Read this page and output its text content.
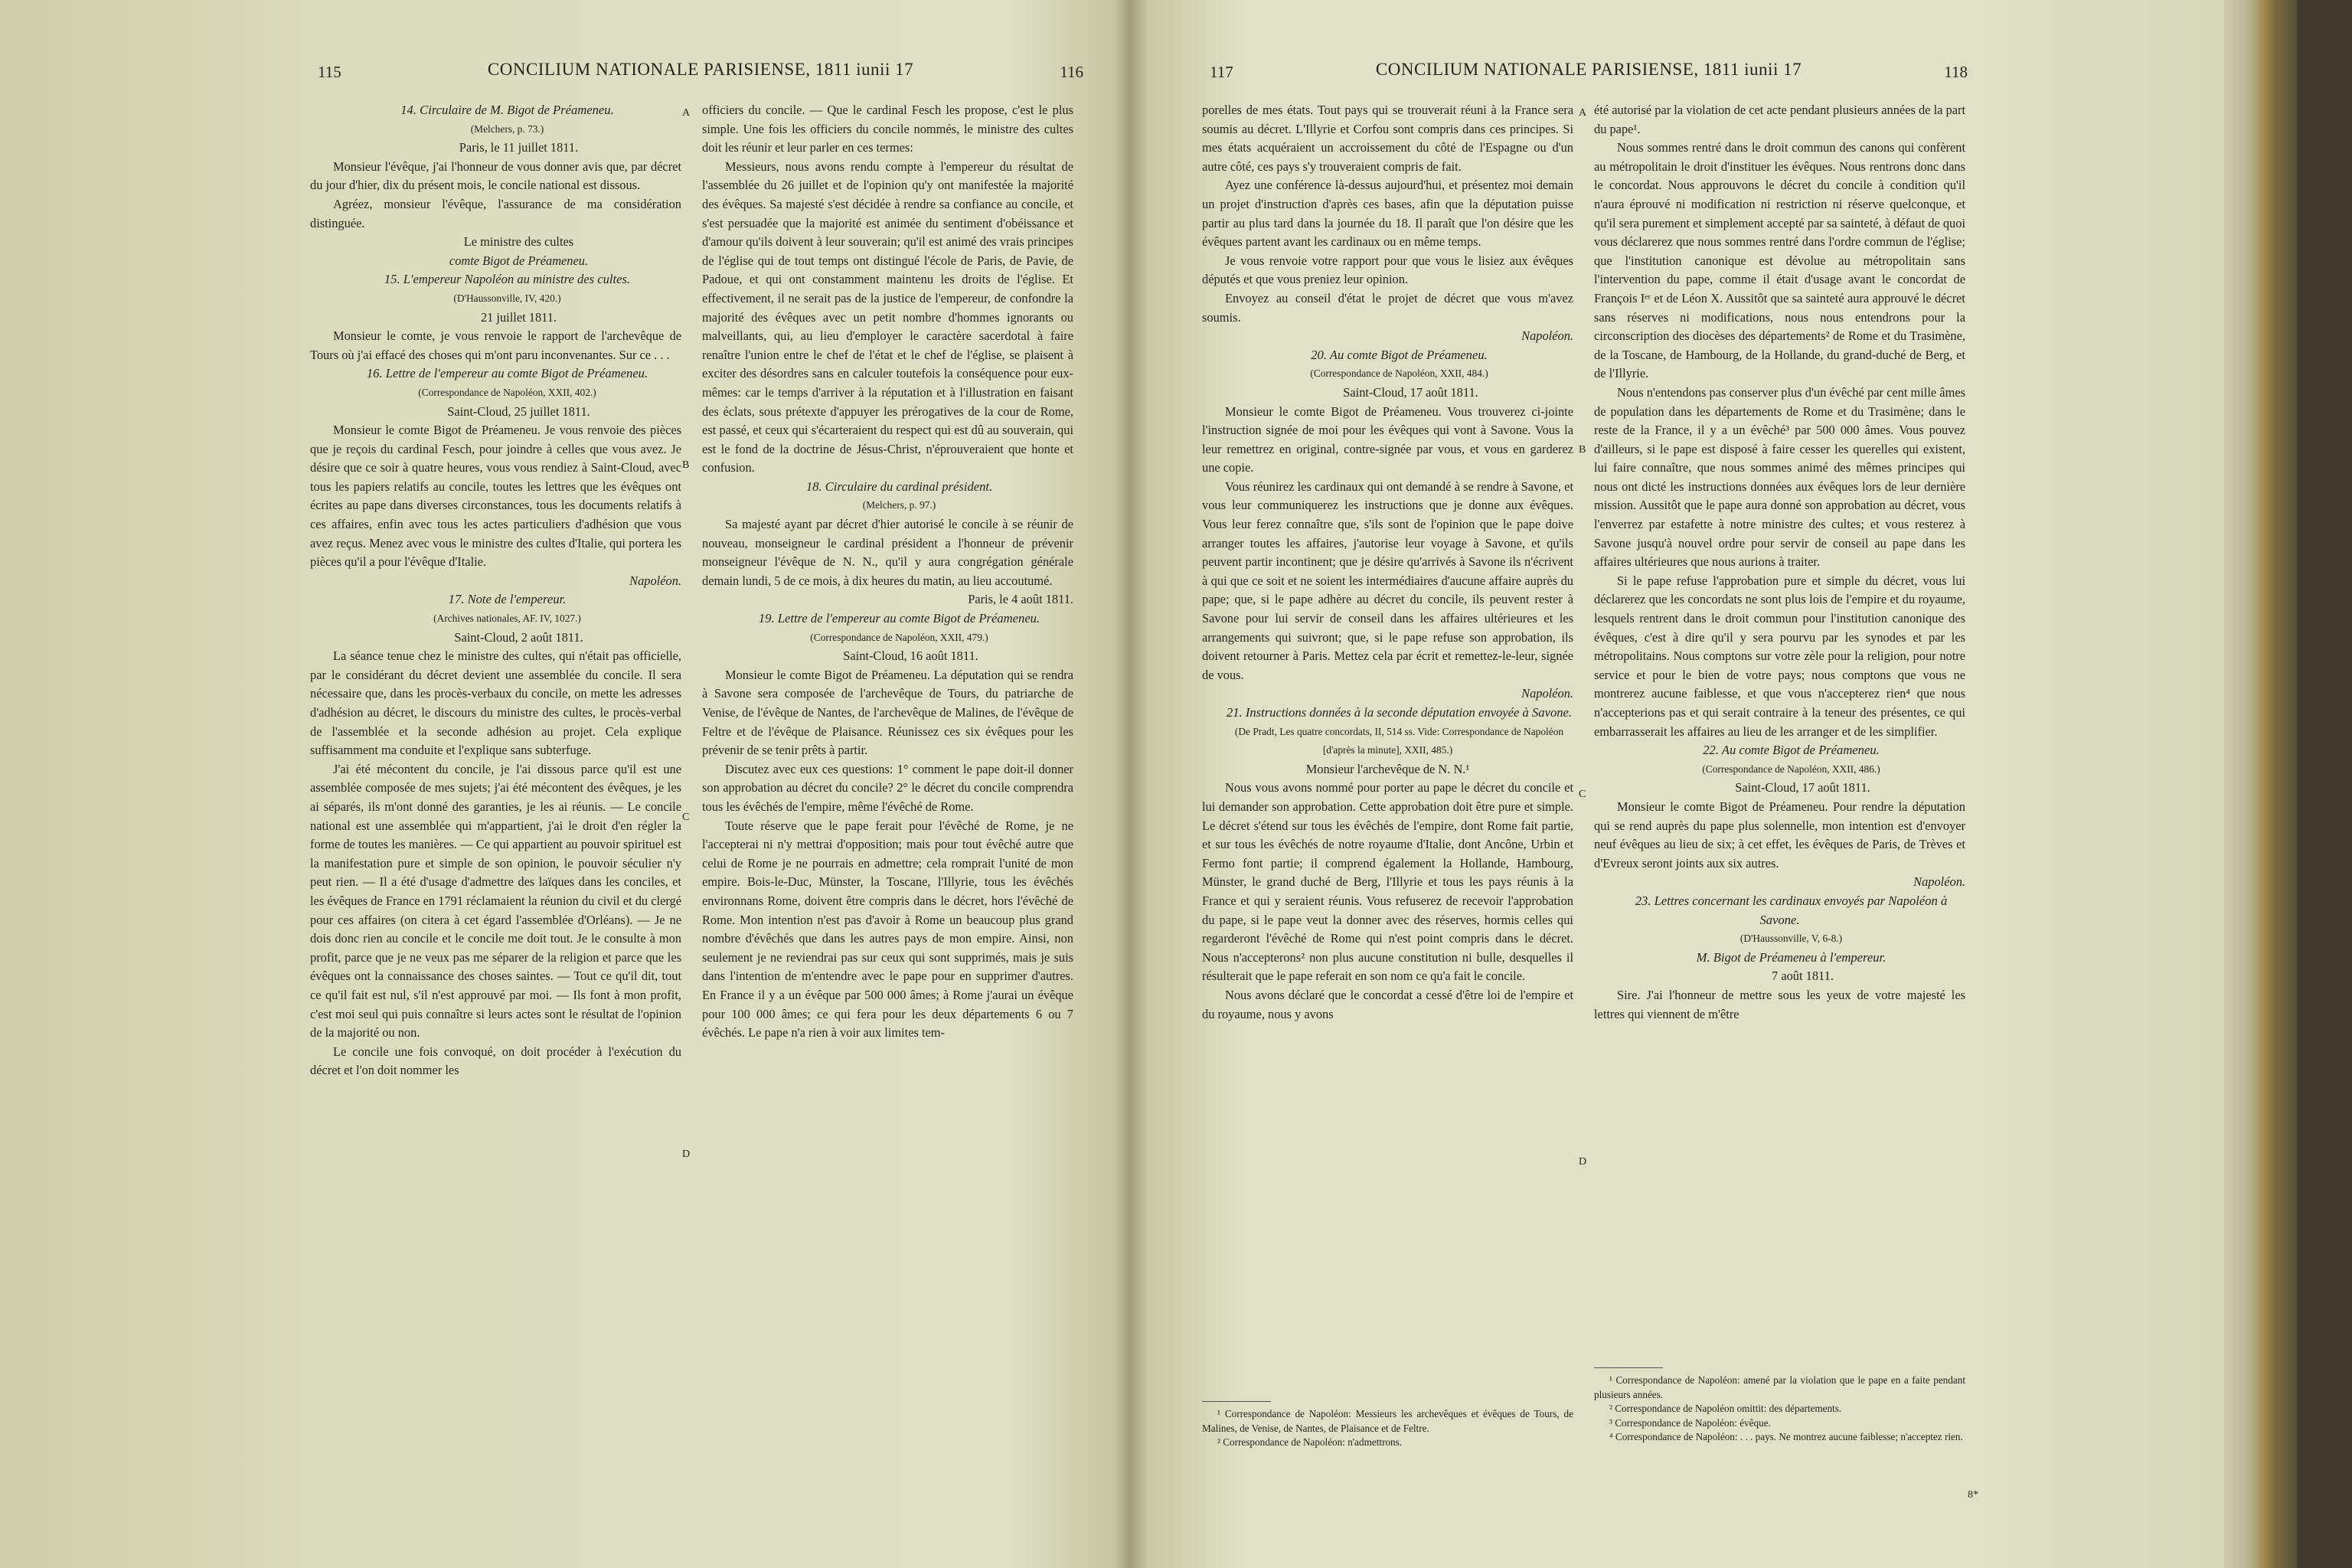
115	CONCILIUM NATIONALE PARISIENSE, 1811 iunii 17	116

14. Circulaire de M. Bigot de Préameneu.

(Melchers, p. 73.)

Paris, le 11 juillet 1811.

Monsieur l'évêque, j'ai l'honneur de vous donner avis que, par décret du jour d'hier, dix du présent mois, le concile national est dissous.

Agréez, monsieur l'évêque, l'assurance de ma considération distinguée.

Le ministre des cultes

comte Bigot de Préameneu.

15. L'empereur Napoléon au ministre des cultes.

(D'Haussonville, IV, 420.)

21 juillet 1811.

Monsieur le comte, je vous renvoie le rapport de l'archevêque de Tours où j'ai effacé des choses qui m'ont paru inconvenantes. Sur ce . . .

16. Lettre de l'empereur au comte Bigot de Préameneu.

(Correspondance de Napoléon, XXII, 402.)

Saint-Cloud, 25 juillet 1811.

Monsieur le comte Bigot de Préameneu. Je vous renvoie des pièces que je reçois du cardinal Fesch, pour joindre à celles que vous avez. Je désire que ce soir à quatre heures, vous vous rendiez à Saint-Cloud, avec tous les papiers relatifs au concile, toutes les lettres que les évêques ont écrites au pape dans diverses circonstances, tous les documents relatifs à ces affaires, enfin avec tous les actes particuliers d'adhésion que vous avez reçus. Menez avec vous le ministre des cultes d'Italie, qui portera les pièces qu'il a pour l'évêque d'Italie.

Napoléon.

17. Note de l'empereur.

(Archives nationales, AF. IV, 1027.)

Saint-Cloud, 2 août 1811.

La séance tenue chez le ministre des cultes, qui n'était pas officielle, par le considérant du décret devient une assemblée du concile. Il sera nécessaire que, dans les procès-verbaux du concile, on mette les adresses d'adhésion au décret, le discours du ministre des cultes, le procès-verbal de l'assemblée et la seconde adhésion au projet. Cela explique suffisamment ma conduite et l'explique sans subterfuge.

J'ai été mécontent du concile, je l'ai dissous parce qu'il est une assemblée composée de mes sujets; j'ai été mécontent des évêques, je les ai séparés, ils m'ont donné des garanties, je les ai réunis. — Le concile national est une assemblée qui m'appartient, j'ai le droit d'en régler la forme de toutes les manières. — Ce qui appartient au pouvoir spirituel est la manifestation pure et simple de son opinion, le pouvoir séculier n'y peut rien. — Il a été d'usage d'admettre des laïques dans les conciles, et les évêques de France en 1791 réclamaient la réunion du civil et du clergé pour ces affaires (on citera à cet égard l'assemblée d'Orléans). — Je ne dois donc rien au concile et le concile me doit tout. Je le consulte à mon profit, parce que je ne veux pas me séparer de la religion et parce que les évêques ont la connaissance des choses saintes. — Tout ce qu'il dit, tout ce qu'il fait est nul, s'il n'est approuvé par moi. — Ils font à mon profit, c'est moi seul qui puis connaître si leurs actes sont le résultat de l'opinion de la majorité ou non.

Le concile une fois convoqué, on doit procéder à l'exécution du décret et l'on doit nommer les

officiers du concile. — Que le cardinal Fesch les propose, c'est le plus simple. Une fois les officiers du concile nommés, le ministre des cultes doit les réunir et leur parler en ces termes:

Messieurs, nous avons rendu compte à l'empereur du résultat de l'assemblée du 26 juillet et de l'opinion qu'y ont manifestée la majorité des évêques. Sa majesté s'est décidée à rendre sa confiance au concile, et s'est persuadée que la majorité est animée du sentiment d'obéissance et d'amour qu'ils doivent à leur souverain; qu'il est animé des vrais principes de l'église qui de tout temps ont distingué l'école de Paris, de Pavie, de Padoue, et qui ont constamment maintenu les droits de l'église. Et effectivement, il ne serait pas de la justice de l'empereur, de confondre la majorité des évêques avec un petit nombre d'hommes ignorants ou malveillants, qui, au lieu d'employer le caractère sacerdotal à faire renaître l'union entre le chef de l'état et le chef de l'église, se plaisent à exciter des désordres sans en calculer toutefois la conséquence pour eux-mêmes: car le temps d'arriver à la réputation et à l'illustration en faisant des éclats, sous prétexte d'appuyer les prérogatives de la cour de Rome, est passé, et ceux qui s'écarteraient du respect qui est dû au souverain, qui est le fond de la doctrine de Jésus-Christ, n'éprouveraient que honte et confusion.

18. Circulaire du cardinal président.

(Melchers, p. 97.)

Sa majesté ayant par décret d'hier autorisé le concile à se réunir de nouveau, monseigneur le cardinal président a l'honneur de prévenir monseigneur l'évêque de N. N., qu'il y aura congrégation générale demain lundi, 5 de ce mois, à dix heures du matin, au lieu accoutumé.

Paris, le 4 août 1811.

19. Lettre de l'empereur au comte Bigot de Préameneu.

(Correspondance de Napoléon, XXII, 479.)

Saint-Cloud, 16 août 1811.

Monsieur le comte Bigot de Préameneu. La députation qui se rendra à Savone sera composée de l'archevêque de Tours, du patriarche de Venise, de l'évêque de Nantes, de l'archevêque de Malines, de l'évêque de Feltre et de l'évêque de Plaisance. Réunissez ces six évêques pour les prévenir de se tenir prêts à partir.

Discutez avec eux ces questions: 1° comment le pape doit-il donner son approbation au décret du concile? 2° le décret du concile comprendra tous les évêchés de l'empire, même l'évêché de Rome.

Toute réserve que le pape ferait pour l'évêché de Rome, je ne l'accepterai ni n'y mettrai d'opposition; mais pour tout évêché autre que celui de Rome je ne pourrais en admettre; cela romprait l'unité de mon empire. Bois-le-Duc, Münster, la Toscane, l'Illyrie, tous les évêchés environnans Rome, doivent être compris dans le décret, hors l'évêché de Rome. Mon intention n'est pas d'avoir à Rome un beaucoup plus grand nombre d'évêchés que dans les autres pays de mon empire. Ainsi, non seulement je ne reviendrai pas sur ceux qui sont supprimés, mais je suis dans l'intention de m'entendre avec le pape pour en supprimer d'autres. En France il y a un évêque par 500 000 âmes; à Rome j'aurai un évêque pour 100 000 âmes; ce qui fera pour les deux départements 6 ou 7 évêchés. Le pape n'a rien à voir aux limites tem-

A
B
C
D
117	CONCILIUM NATIONALE PARISIENSE, 1811 iunii 17	118

porelles de mes états. Tout pays qui se trouverait réuni à la France sera soumis au décret. L'Illyrie et Corfou sont compris dans ces principes. Si mes états acquéraient un accroissement du côté de l'Espagne ou d'un autre côté, ces pays s'y trouveraient compris de fait.

Ayez une conférence là-dessus aujourd'hui, et présentez moi demain un projet d'instruction d'après ces bases, afin que la députation puisse partir au plus tard dans la journée du 18. Il paraît que l'on désire que les évêques partent avant les cardinaux ou en même temps.

Je vous renvoie votre rapport pour que vous le lisiez aux évêques députés et que vous preniez leur opinion.

Envoyez au conseil d'état le projet de décret que vous m'avez soumis.

Napoléon.

20. Au comte Bigot de Préameneu.

(Correspondance de Napoléon, XXII, 484.)

Saint-Cloud, 17 août 1811.

Monsieur le comte Bigot de Préameneu. Vous trouverez ci-jointe l'instruction signée de moi pour les évêques qui vont à Savone. Vous la leur remettrez en original, contre-signée par vous, et vous en garderez une copie.

Vous réunirez les cardinaux qui ont demandé à se rendre à Savone, et vous leur communiquerez les instructions que je donne aux évêques. Vous leur ferez connaître que, s'ils sont de l'opinion que le pape doive arranger toutes les affaires, j'autorise leur voyage à Savone, et qu'ils peuvent partir incontinent; que je désire qu'arrivés à Savone ils n'écrivent à qui que ce soit et ne soient les intermédiaires d'aucune affaire auprès du pape; que, si le pape adhère au décret du concile, ils peuvent rester à Savone pour lui servir de conseil dans les affaires ultérieures et les arrangements qui suivront; que, si le pape refuse son approbation, ils doivent retourner à Paris. Mettez cela par écrit et remettez-le-leur, signée de vous.

Napoléon.

21. Instructions données à la seconde députation envoyée à Savone.

(De Pradt, Les quatre concordats, II, 514 ss. Vide: Correspondance de Napoléon [d'après la minute], XXII, 485.)

Monsieur l'archevêque de N. N.¹

Nous vous avons nommé pour porter au pape le décret du concile et lui demander son approbation. Cette approbation doit être pure et simple. Le décret s'étend sur tous les évêchés de l'empire, dont Rome fait partie, et sur tous les évêchés de notre royaume d'Italie, dont Ancône, Urbin et Fermo font partie; il comprend également la Hollande, Hambourg, Münster, le grand duché de Berg, l'Illyrie et tous les pays réunis à la France et qui y seraient réunis. Vous refuserez de recevoir l'approbation du pape, si le pape veut la donner avec des réserves, hormis celles qui regarderont l'évêché de Rome qui n'est point compris dans le décret. Nous n'accepterons² non plus aucune constitution ni bulle, desquelles il résulterait que le pape referait en son nom ce qu'a fait le concile.

Nous avons déclaré que le concordat a cessé d'être loi de l'empire et du royaume, nous y avons

été autorisé par la violation de cet acte pendant plusieurs années de la part du pape¹.

Nous sommes rentré dans le droit commun des canons qui confèrent au métropolitain le droit d'instituer les évêques. Nous rentrons donc dans le concordat. Nous approuvons le décret du concile à condition qu'il n'aura éprouvé ni modification ni restriction ni réserve quelconque, et qu'il sera purement et simplement accepté par sa sainteté, à défaut de quoi vous déclarerez que nous sommes rentré dans l'ordre commun de l'église; que l'institution canonique est dévolue au métropolitain sans l'intervention du pape, comme il était d'usage avant le concordat de François Iᵉʳ et de Léon X. Aussitôt que sa sainteté aura approuvé le décret sans réserves ni modifications, nous nous entendrons pour la circonscription des diocèses des départements² de Rome et du Trasimène, de la Toscane, de Hambourg, de la Hollande, du grand-duché de Berg, et de l'Illyrie.

Nous n'entendons pas conserver plus d'un évêché par cent mille âmes de population dans les départements de Rome et du Trasimène; dans le reste de la France, il y a un évêché³ par 500 000 âmes. Vous pouvez d'ailleurs, si le pape est disposé à faire cesser les querelles qui existent, lui faire connaître, que nous sommes animé des mêmes principes qui nous ont dicté les instructions données aux évêques lors de leur dernière mission. Aussitôt que le pape aura donné son approbation au décret, vous l'enverrez par estafette à notre ministre des cultes; et vous resterez à Savone jusqu'à nouvel ordre pour servir de conseil au pape dans les affaires ultérieures que nous aurions à traiter.

Si le pape refuse l'approbation pure et simple du décret, vous lui déclarerez que les concordats ne sont plus lois de l'empire et du royaume, lesquels rentrent dans le droit commun pour l'institution canonique des évêques, c'est à dire qu'il y sera pourvu par les synodes et par les métropolitains. Nous comptons sur votre zèle pour la religion, pour notre service et pour le bien de votre pays; nous comptons que vous ne montrerez aucune faiblesse, et que vous n'accepterez rien⁴ que nous n'accepterions pas et qui serait contraire à la teneur des présentes, ce qui embarrasserait les affaires au lieu de les arranger et de les simplifier.

22. Au comte Bigot de Préameneu.

(Correspondance de Napoléon, XXII, 486.)

Saint-Cloud, 17 août 1811.

Monsieur le comte Bigot de Préameneu. Pour rendre la députation qui se rend auprès du pape plus solennelle, mon intention est d'envoyer neuf évêques au lieu de six; à cet effet, les évêques de Paris, de Trèves et d'Evreux seront joints aux six autres.

Napoléon.

23. Lettres concernant les cardinaux envoyés par Napoléon à Savone.

(D'Haussonville, V, 6-8.)

M. Bigot de Préameneu à l'empereur.

7 août 1811.

Sire. J'ai l'honneur de mettre sous les yeux de votre majesté les lettres qui viennent de m'être

¹ Correspondance de Napoléon: Messieurs les archevêques et évêques de Tours, de Malines, de Venise, de Nantes, de Plaisance et de Feltre.

² Correspondance de Napoléon: n'admettrons.

¹ Correspondance de Napoléon: amené par la violation que le pape en a faite pendant plusieurs années.

² Correspondance de Napoléon omittit: des départements.

³ Correspondance de Napoléon: évêque.

⁴ Correspondance de Napoléon: . . . pays. Ne montrez aucune faiblesse; n'acceptez rien.

8*
A
B
C
D
